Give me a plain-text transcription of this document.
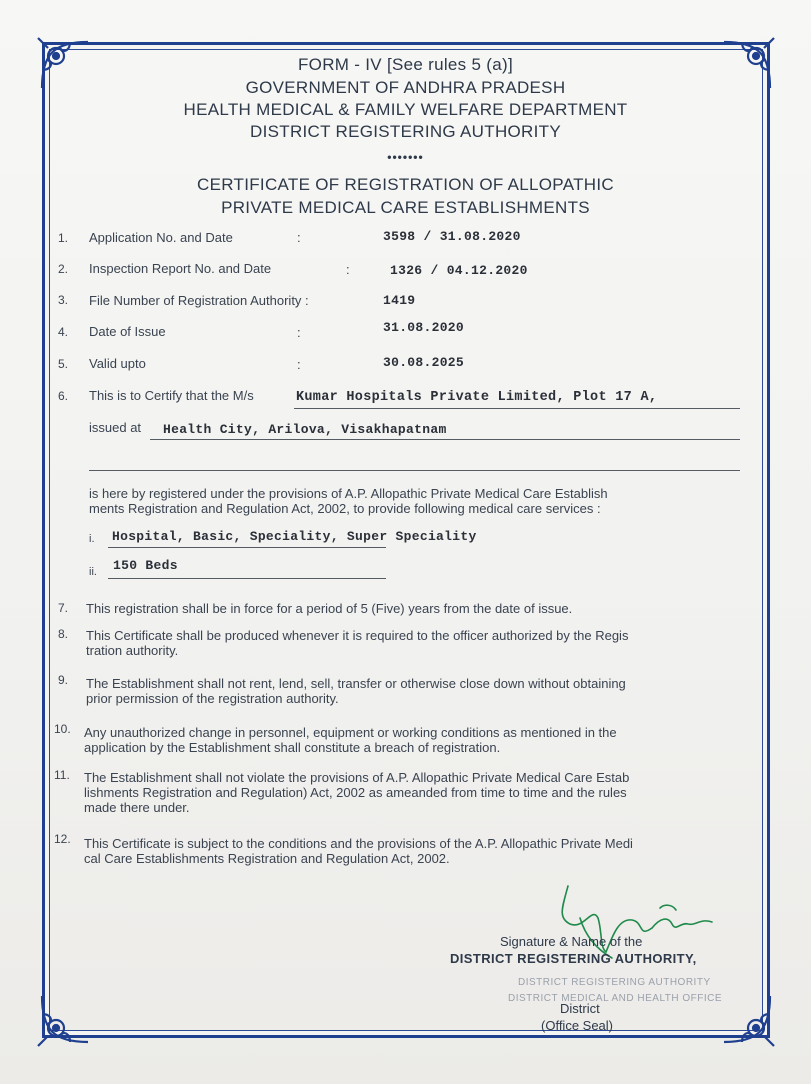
FORM - IV [See rules 5 (a)]
GOVERNMENT OF ANDHRA PRADESH
HEALTH MEDICAL & FAMILY WELFARE DEPARTMENT
DISTRICT REGISTERING AUTHORITY
•••••••
CERTIFICATE OF REGISTRATION OF ALLOPATHIC
PRIVATE MEDICAL CARE ESTABLISHMENTS
1. Application No. and Date	:	3598 / 31.08.2020
2. Inspection Report No. and Date	:	1326 / 04.12.2020
3. File Number of Registration Authority :	1419
4. Date of Issue	:	31.08.2020
5. Valid upto	:	30.08.2025
6. This is to Certify that the M/s	Kumar Hospitals Private Limited, Plot 17 A,
issued at Health City, Arilova, Visakhapatnam
is here by registered under the provisions of A.P. Allopathic Private Medical Care Establish
ments Registration and Regulation Act, 2002, to provide following medical care services :
i. Hospital, Basic, Speciality, Super Speciality
ii. 150 Beds
7. This registration shall be in force for a period of 5 (Five) years from the date of issue.
8. This Certificate shall be produced whenever it is required to the officer authorized by the Regis
tration authority.
9. The Establishment shall not rent, lend, sell, transfer or otherwise close down without obtaining
prior permission of the registration authority.
10. Any unauthorized change in personnel, equipment or working conditions as mentioned in the
application by the Establishment shall constitute a breach of registration.
11. The Establishment shall not violate the provisions of A.P. Allopathic Private Medical Care Estab
lishments Registration and Regulation) Act, 2002 as ameanded from time to time and the rules
made there under.
12. This Certificate is subject to the conditions and the provisions of the A.P. Allopathic Private Medi
cal Care Establishments Registration and Regulation Act, 2002.
DISTRICT REGISTERING AUTHORITY
DISTRICT MEDICAL AND HEALTH OFFICE
Signature & Name of the
DISTRICT REGISTERING AUTHORITY,
District
(Office Seal)
